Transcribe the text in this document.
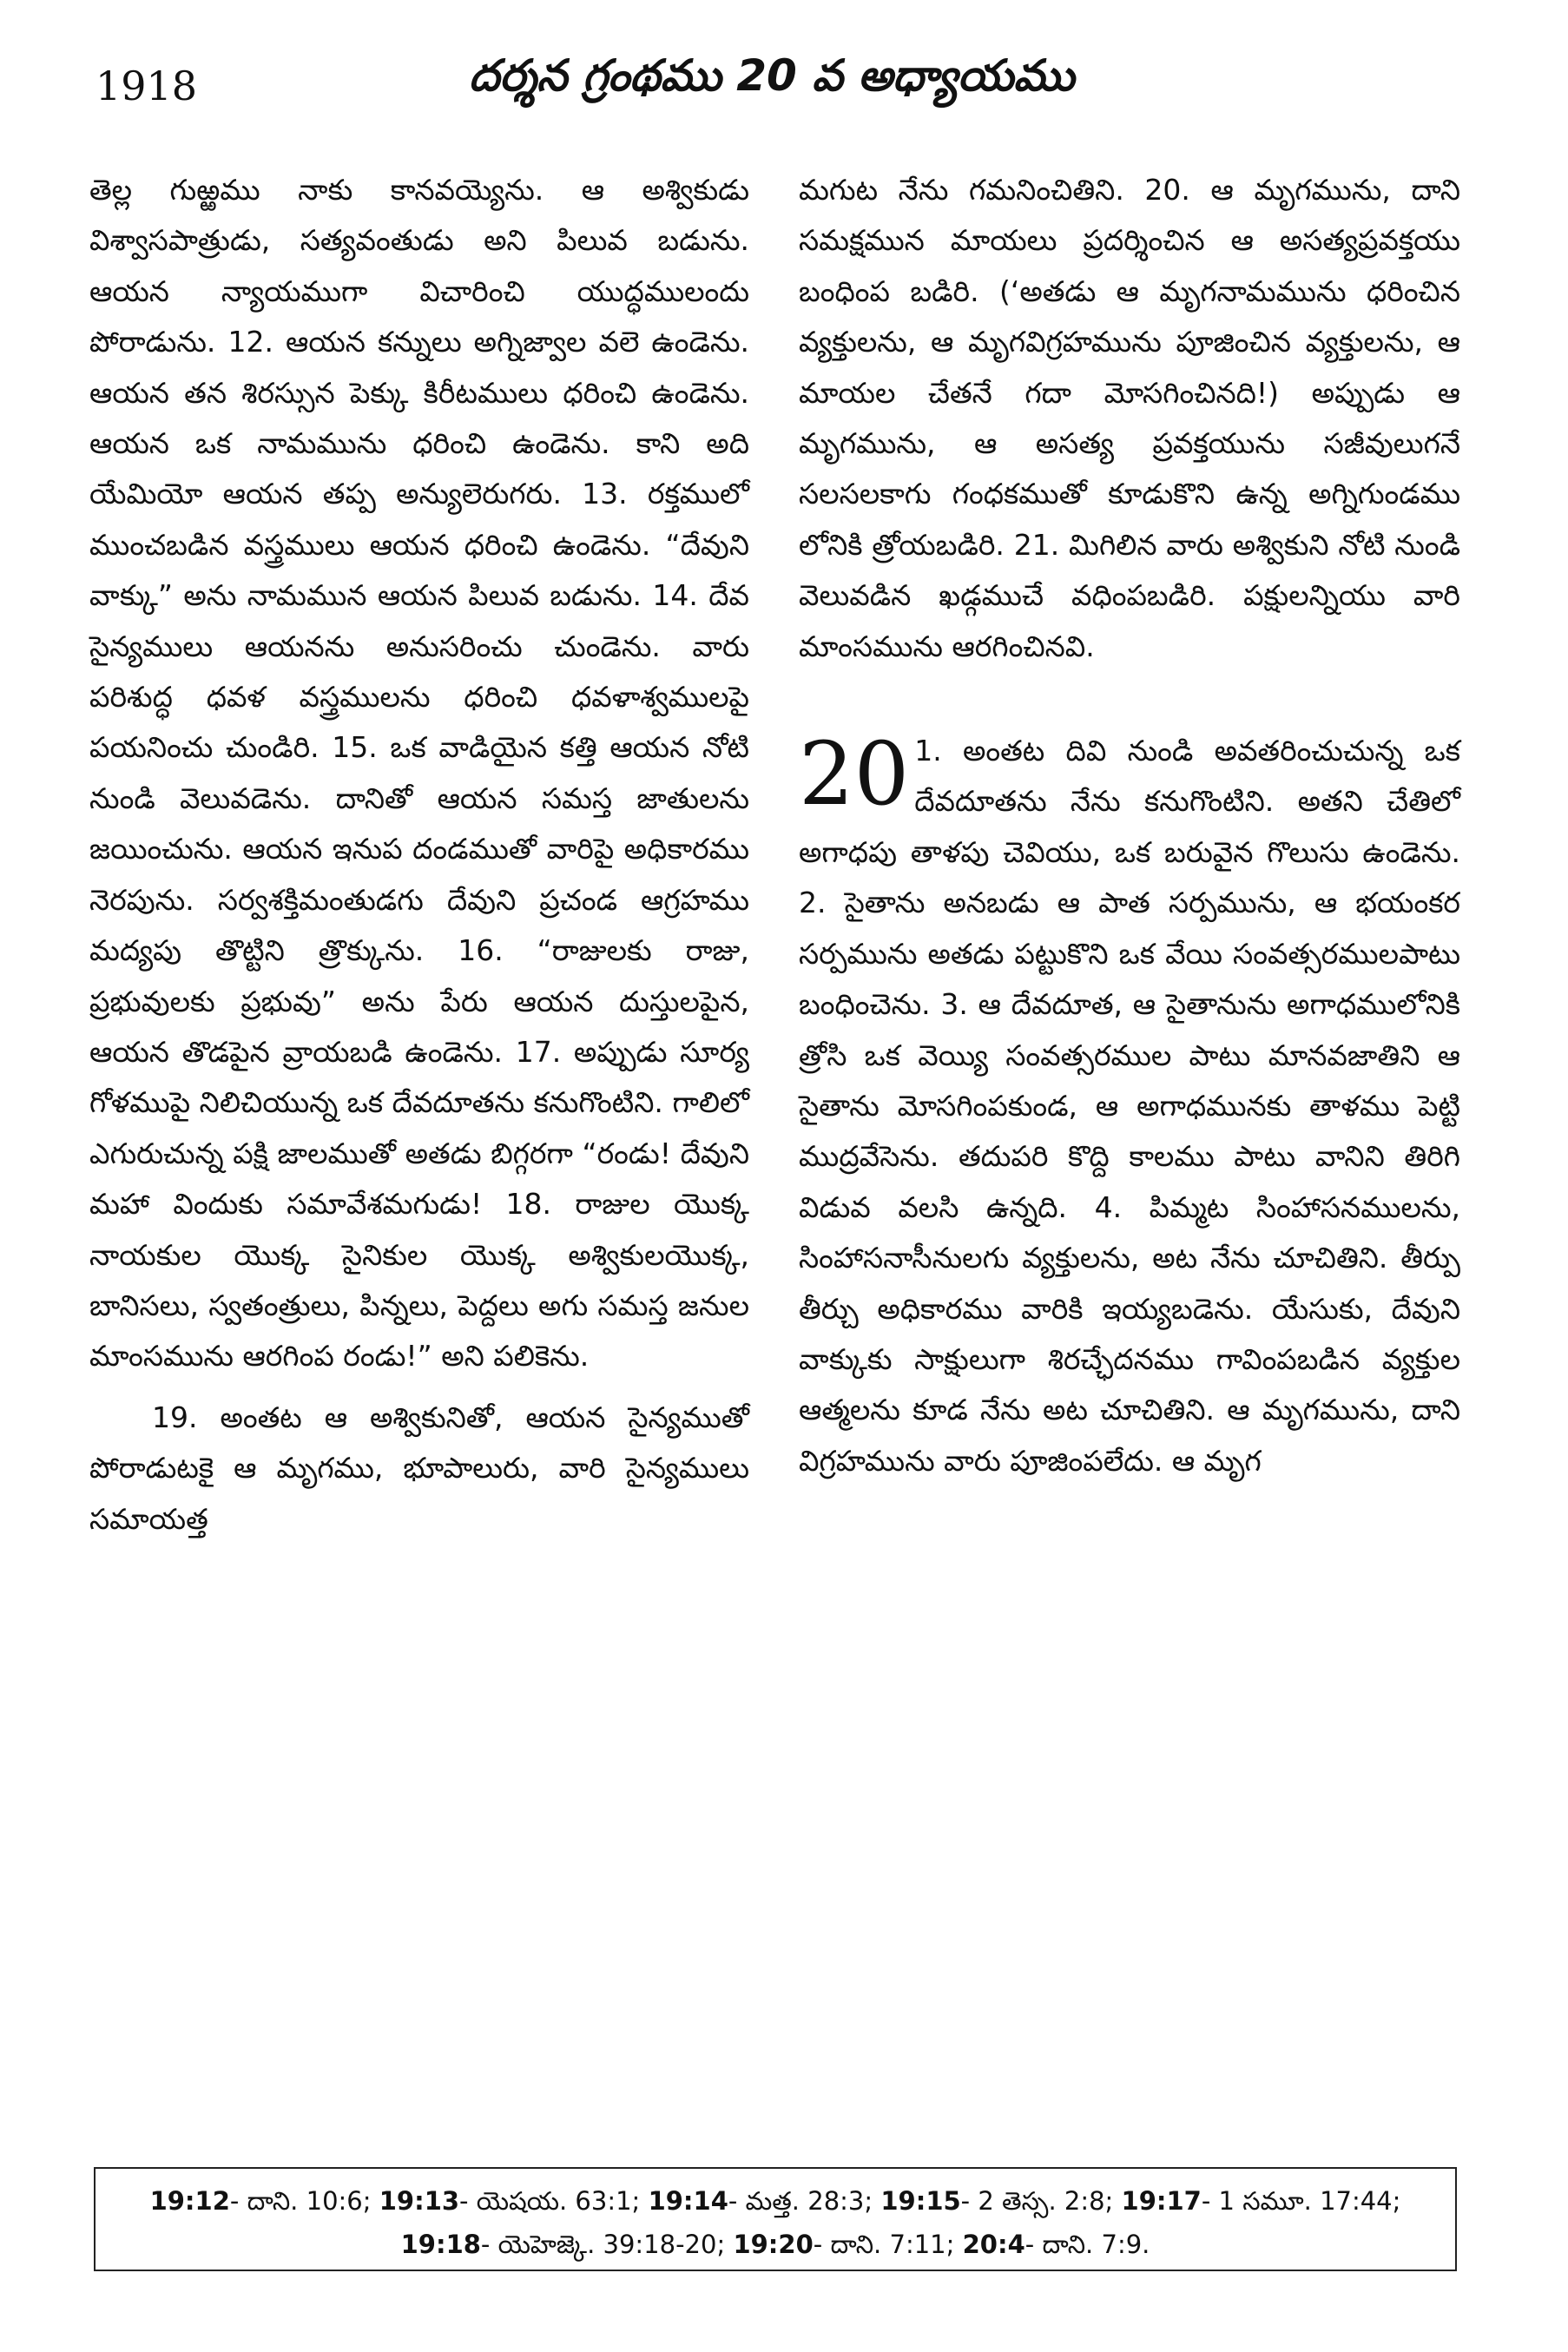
1918	దర్శన గ్రంథము 20 వ అధ్యాయము

తెల్ల గుఱ్ఱము నాకు కానవయ్యెను. ఆ అశ్వికుడు విశ్వాసపాత్రుడు, సత్యవంతుడు అని పిలువ బడును. ఆయన న్యాయముగా విచారించి యుద్ధములందు పోరాడును. 12. ఆయన కన్నులు అగ్నిజ్వాల వలె ఉండెను. ఆయన తన శిరస్సున పెక్కు కిరీటములు ధరించి ఉండెను. ఆయన ఒక నామమును ధరించి ఉండెను. కాని అది యేమియో ఆయన తప్ప అన్యులెరుగరు. 13. రక్తములో ముంచబడిన వస్త్రములు ఆయన ధరించి ఉండెను. “దేవుని వాక్కు” అను నామమున ఆయన పిలువ బడును. 14. దేవ సైన్యములు ఆయనను అనుసరించు చుండెను. వారు పరిశుద్ధ ధవళ వస్త్రములను ధరించి ధవళాశ్వములపై పయనించు చుండిరి. 15. ఒక వాడియైన కత్తి ఆయన నోటి నుండి వెలువడెను. దానితో ఆయన సమస్త జాతులను జయించును. ఆయన ఇనుప దండముతో వారిపై అధికారము నెరపును. సర్వశక్తిమంతుడగు దేవుని ప్రచండ ఆగ్రహము మద్యపు తొట్టిని త్రొక్కును. 16. “రాజులకు రాజు, ప్రభువులకు ప్రభువు” అను పేరు ఆయన దుస్తులపైన, ఆయన తొడపైన వ్రాయబడి ఉండెను. 17. అప్పుడు సూర్య గోళముపై నిలిచియున్న ఒక దేవదూతను కనుగొంటిని. గాలిలో ఎగురుచున్న పక్షి జాలముతో అతడు బిగ్గరగా “రండు! దేవుని మహా విందుకు సమావేశమగుడు! 18. రాజుల యొక్క నాయకుల యొక్క సైనికుల యొక్క అశ్వికులయొక్క, బానిసలు, స్వతంత్రులు, పిన్నలు, పెద్దలు అగు సమస్త జనుల మాంసమును ఆరగింప రండు!” అని పలికెను.

19. అంతట ఆ అశ్వికునితో, ఆయన సైన్యముతో పోరాడుటకై ఆ మృగము, భూపాలురు, వారి సైన్యములు సమాయత్త

మగుట నేను గమనించితిని. 20. ఆ మృగమును, దాని సమక్షమున మాయలు ప్రదర్శించిన ఆ అసత్యప్రవక్తయు బంధింప బడిరి. (‘అతడు ఆ మృగనామమును ధరించిన వ్యక్తులను, ఆ మృగవిగ్రహమును పూజించిన వ్యక్తులను, ఆ మాయల చేతనే గదా మోసగించినది!) అప్పుడు ఆ మృగమును, ఆ అసత్య ప్రవక్తయును సజీవులుగనే సలసలకాగు గంధకముతో కూడుకొని ఉన్న అగ్నిగుండము లోనికి త్రోయబడిరి. 21. మిగిలిన వారు అశ్వికుని నోటి నుండి వెలువడిన ఖడ్గముచే వధింపబడిరి. పక్షులన్నియు వారి మాంసమును ఆరగించినవి.

20 1. అంతట దివి నుండి అవతరించుచున్న ఒక దేవదూతను నేను కనుగొంటిని. అతని చేతిలో అగాధపు తాళపు చెవియు, ఒక బరువైన గొలుసు ఉండెను. 2. సైతాను అనబడు ఆ పాత సర్పమును, ఆ భయంకర సర్పమును అతడు పట్టుకొని ఒక వేయి సంవత్సరములపాటు బంధించెను. 3. ఆ దేవదూత, ఆ సైతానును అగాధములోనికి త్రోసి ఒక వెయ్యి సంవత్సరముల పాటు మానవజాతిని ఆ సైతాను మోసగింపకుండ, ఆ అగాధమునకు తాళము పెట్టి ముద్రవేసెను. తదుపరి కొద్ది కాలము పాటు వానిని తిరిగి విడువ వలసి ఉన్నది. 4. పిమ్మట సింహాసనములను, సింహాసనాసీనులగు వ్యక్తులను, అట నేను చూచితిని. తీర్పు తీర్చు అధికారము వారికి ఇయ్యబడెను. యేసుకు, దేవుని వాక్కుకు సాక్షులుగా శిరచ్ఛేదనము గావింపబడిన వ్యక్తుల ఆత్మలను కూడ నేను అట చూచితిని. ఆ మృగమును, దాని విగ్రహమును వారు పూజింపలేదు. ఆ మృగ

19:12- దాని. 10:6; 19:13- యెషయ. 63:1; 19:14- మత్త. 28:3; 19:15- 2 తెస్స. 2:8; 19:17- 1 సమూ. 17:44; 19:18- యెహెజ్కె. 39:18-20; 19:20- దాని. 7:11; 20:4- దాని. 7:9.
